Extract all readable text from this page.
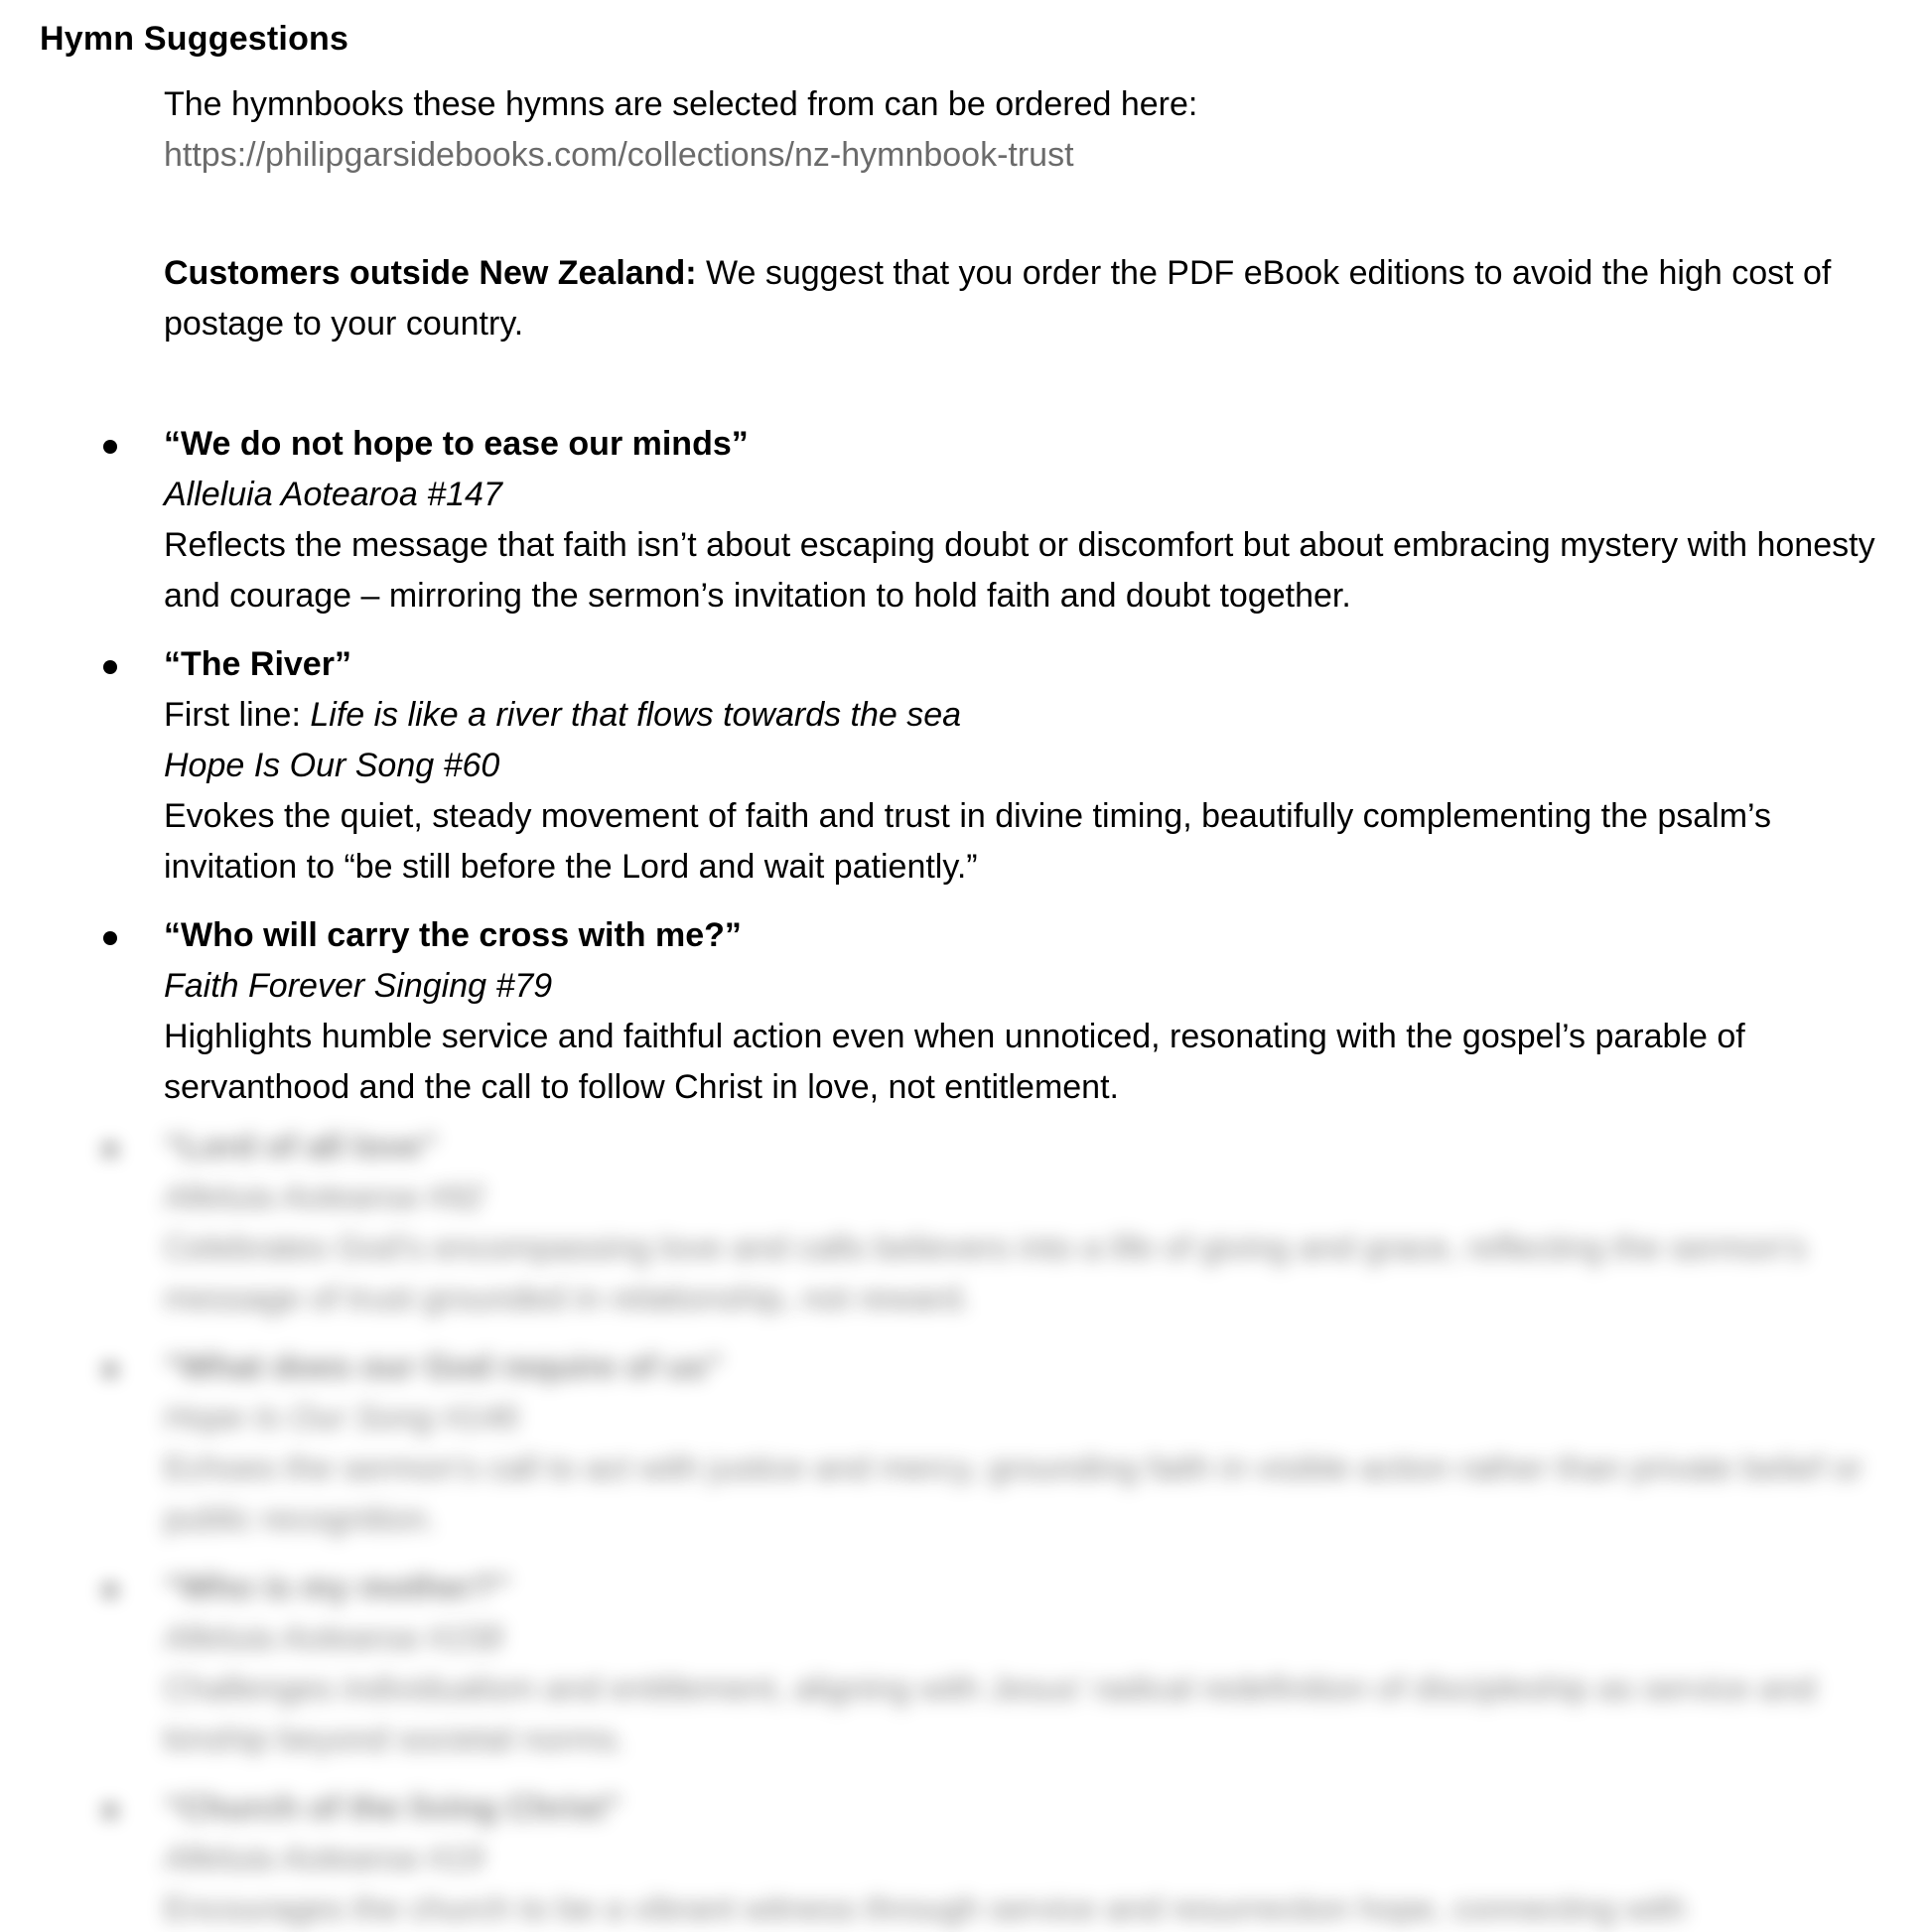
Hymn Suggestions
The hymnbooks these hymns are selected from can be ordered here:
https://philipgarsidebooks.com/collections/nz-hymnbook-trust
Customers outside New Zealand: We suggest that you order the PDF eBook editions to avoid the high cost of postage to your country.
“We do not hope to ease our minds”
Alleluia Aotearoa #147
Reflects the message that faith isn’t about escaping doubt or discomfort but about embracing mystery with honesty and courage – mirroring the sermon’s invitation to hold faith and doubt together.
“The River”
First line: Life is like a river that flows towards the sea
Hope Is Our Song #60
Evokes the quiet, steady movement of faith and trust in divine timing, beautifully complementing the psalm’s invitation to “be still before the Lord and wait patiently.”
“Who will carry the cross with me?”
Faith Forever Singing #79
Highlights humble service and faithful action even when unnoticed, resonating with the gospel’s parable of servanthood and the call to follow Christ in love, not entitlement.
“Lord of all love”
Alleluia Aotearoa #92
Celebrates God’s encompassing love and calls believers into a life of giving and grace, reflecting the sermon’s message of trust grounded in relationship, not reward.
“What does our God require of us”
Hope Is Our Song #146
Echoes the sermon’s call to act with justice and mercy, grounding faith in visible action rather than private belief or public recognition.
“Who is my mother?”
Alleluia Aotearoa #158
Challenges individualism and entitlement, aligning with Jesus’ radical redefinition of discipleship as service and kinship beyond societal norms.
“Church of the living Christ”
Alleluia Aotearoa #19
Encourages the church to be a vibrant witness through service and resurrection hope, connecting with
